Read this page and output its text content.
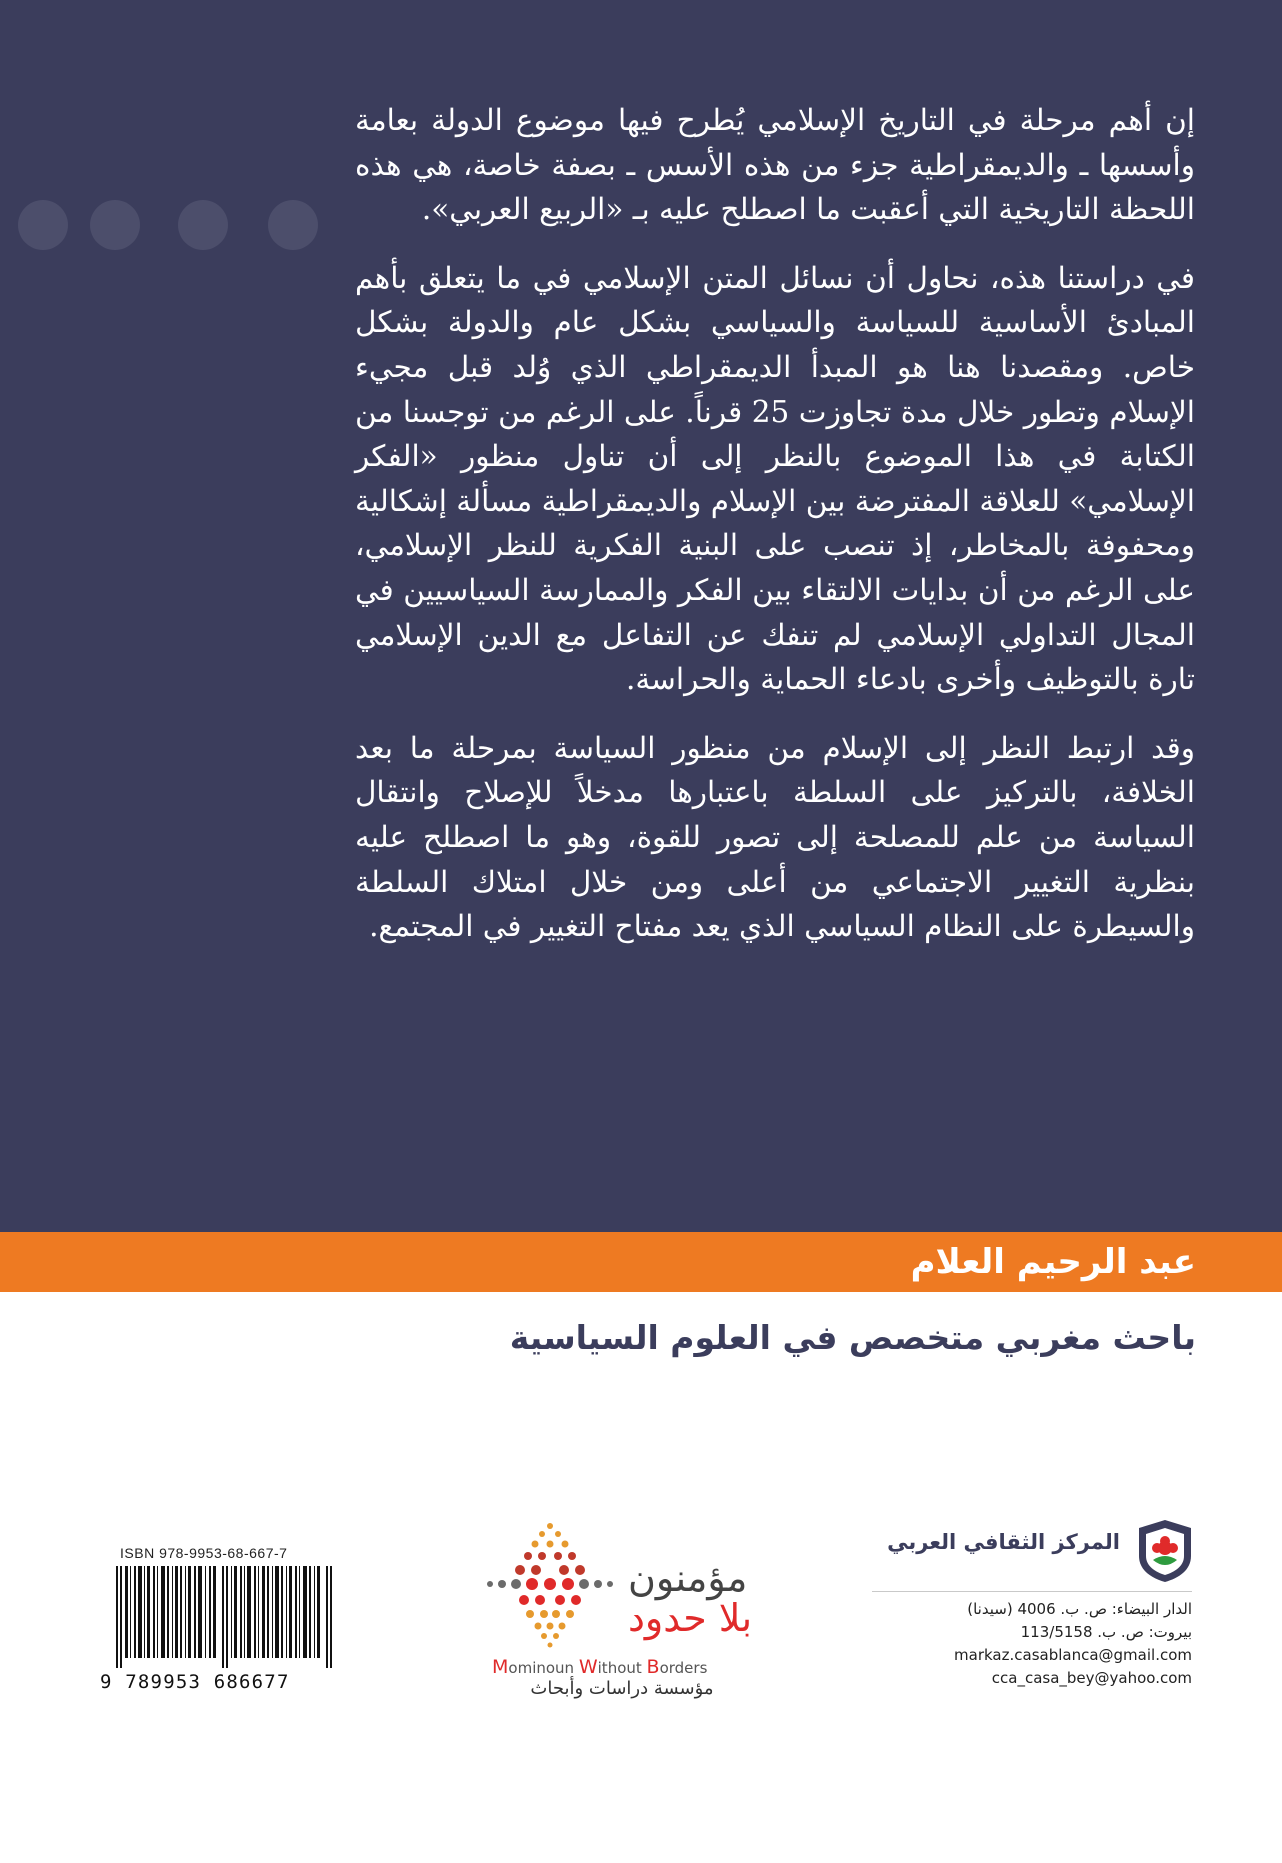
إن أهم مرحلة في التاريخ الإسلامي يُطرح فيها موضوع الدولة بعامة وأسسها ـ والديمقراطية جزء من هذه الأسس ـ بصفة خاصة، هي هذه اللحظة التاريخية التي أعقبت ما اصطلح عليه بـ «الربيع العربي».

في دراستنا هذه، نحاول أن نسائل المتن الإسلامي في ما يتعلق بأهم المبادئ الأساسية للسياسة والسياسي بشكل عام والدولة بشكل خاص. ومقصدنا هنا هو المبدأ الديمقراطي الذي وُلد قبل مجيء الإسلام وتطور خلال مدة تجاوزت 25 قرناً. على الرغم من توجسنا من الكتابة في هذا الموضوع بالنظر إلى أن تناول منظور «الفكر الإسلامي» للعلاقة المفترضة بين الإسلام والديمقراطية مسألة إشكالية ومحفوفة بالمخاطر، إذ تنصب على البنية الفكرية للنظر الإسلامي، على الرغم من أن بدايات الالتقاء بين الفكر والممارسة السياسيين في المجال التداولي الإسلامي لم تنفك عن التفاعل مع الدين الإسلامي تارة بالتوظيف وأخرى بادعاء الحماية والحراسة.

وقد ارتبط النظر إلى الإسلام من منظور السياسة بمرحلة ما بعد الخلافة، بالتركيز على السلطة باعتبارها مدخلاً للإصلاح وانتقال السياسة من علم للمصلحة إلى تصور للقوة، وهو ما اصطلح عليه بنظرية التغيير الاجتماعي من أعلى ومن خلال امتلاك السلطة والسيطرة على النظام السياسي الذي يعد مفتاح التغيير في المجتمع.

عبد الرحيم العلام
باحث مغربي متخصص في العلوم السياسية
المركز الثقافي العربي
الدار البيضاء: ص. ب. 4006 (سيدنا)
بيروت: ص. ب. 113/5158
markaz.casablanca@gmail.com
cca_casa_bey@yahoo.com
مؤمنون
بلا حدود
Mominoun Without Borders
مؤسسة دراسات وأبحاث
ISBN 978-9953-68-667-7
9 789953 686677
